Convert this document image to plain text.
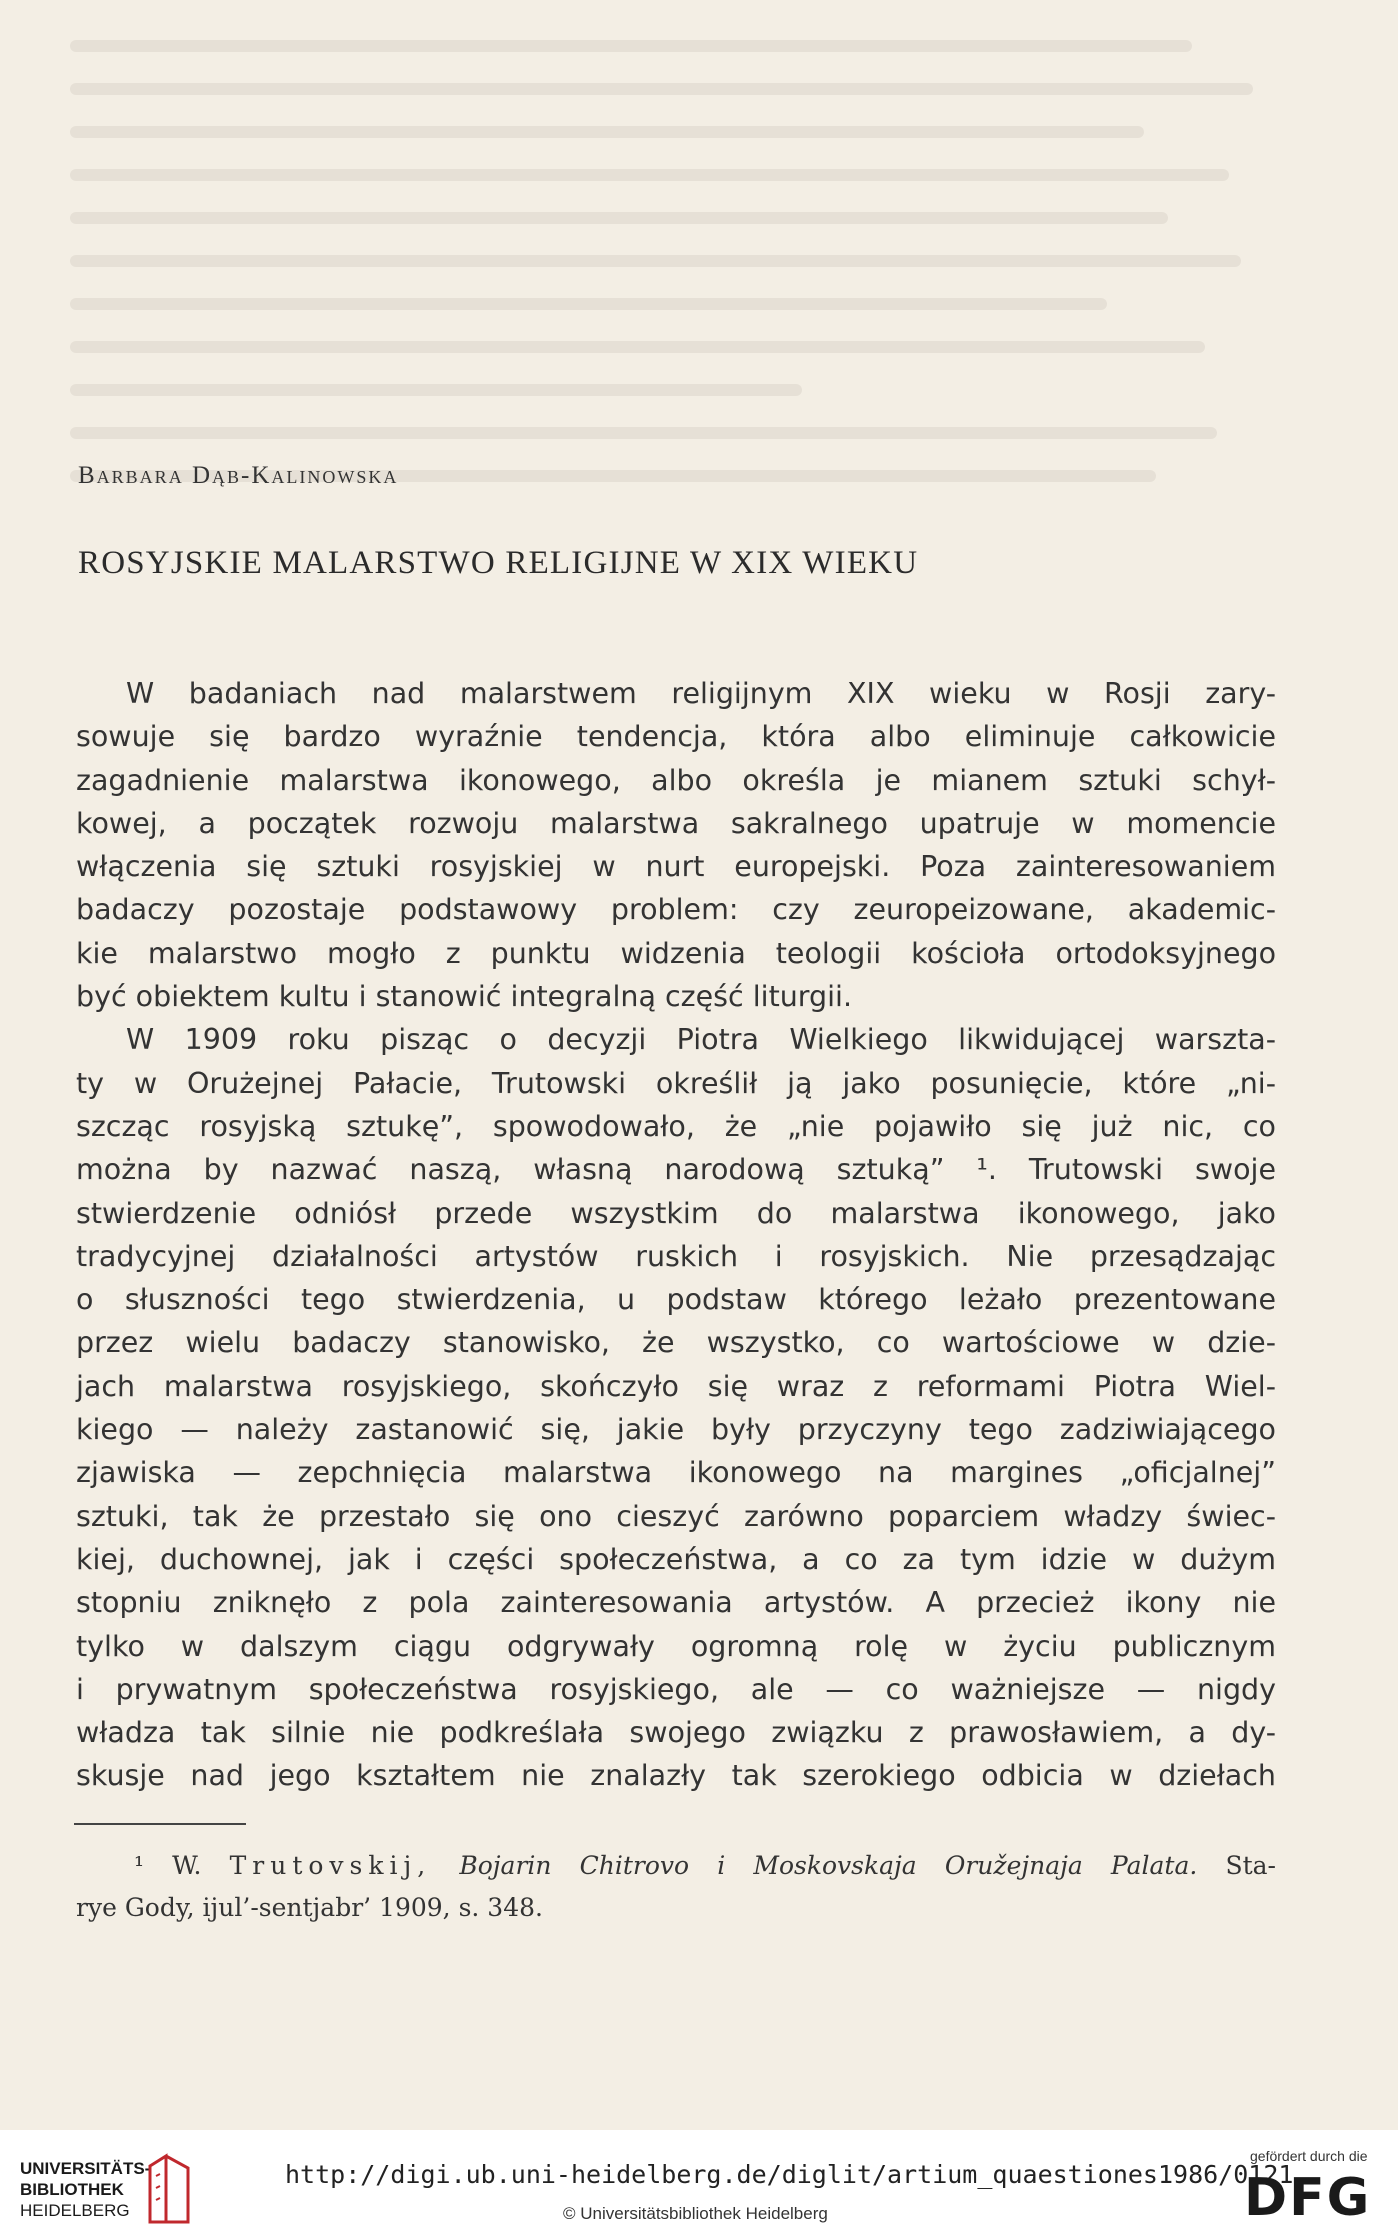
Barbara Dąb-Kalinowska
ROSYJSKIE MALARSTWO RELIGIJNE W XIX WIEKU
W badaniach nad malarstwem religijnym XIX wieku w Rosji zary-
sowuje się bardzo wyraźnie tendencja, która albo eliminuje całkowicie
zagadnienie malarstwa ikonowego, albo określa je mianem sztuki schył-
kowej, a początek rozwoju malarstwa sakralnego upatruje w momencie
włączenia się sztuki rosyjskiej w nurt europejski. Poza zainteresowaniem
badaczy pozostaje podstawowy problem: czy zeuropeizowane, akademic-
kie malarstwo mogło z punktu widzenia teologii kościoła ortodoksyjnego
być obiektem kultu i stanowić integralną część liturgii.
W 1909 roku pisząc o decyzji Piotra Wielkiego likwidującej warszta-
ty w Orużejnej Pałacie, Trutowski określił ją jako posunięcie, które „ni-
szcząc rosyjską sztukę”, spowodowało, że „nie pojawiło się już nic, co
można by nazwać naszą, własną narodową sztuką” ¹. Trutowski swoje
stwierdzenie odniósł przede wszystkim do malarstwa ikonowego, jako
tradycyjnej działalności artystów ruskich i rosyjskich. Nie przesądzając
o słuszności tego stwierdzenia, u podstaw którego leżało prezentowane
przez wielu badaczy stanowisko, że wszystko, co wartościowe w dzie-
jach malarstwa rosyjskiego, skończyło się wraz z reformami Piotra Wiel-
kiego — należy zastanowić się, jakie były przyczyny tego zadziwiającego
zjawiska — zepchnięcia malarstwa ikonowego na margines „oficjalnej”
sztuki, tak że przestało się ono cieszyć zarówno poparciem władzy świec-
kiej, duchownej, jak i części społeczeństwa, a co za tym idzie w dużym
stopniu zniknęło z pola zainteresowania artystów. A przecież ikony nie
tylko w dalszym ciągu odgrywały ogromną rolę w życiu publicznym
i prywatnym społeczeństwa rosyjskiego, ale — co ważniejsze — nigdy
władza tak silnie nie podkreślała swojego związku z prawosławiem, a dy-
skusje nad jego kształtem nie znalazły tak szerokiego odbicia w dziełach
¹ W. Trutovskij, Bojarin Chitrovo i Moskovskaja Oružejnaja Palata. Sta-
rye Gody, ijul’-sentjabr’ 1909, s. 348.
UNIVERSITÄTS-
BIBLIOTHEK
HEIDELBERG
http://digi.ub.uni-heidelberg.de/diglit/artium_quaestiones1986/0121
© Universitätsbibliothek Heidelberg
gefördert durch die
DFG
